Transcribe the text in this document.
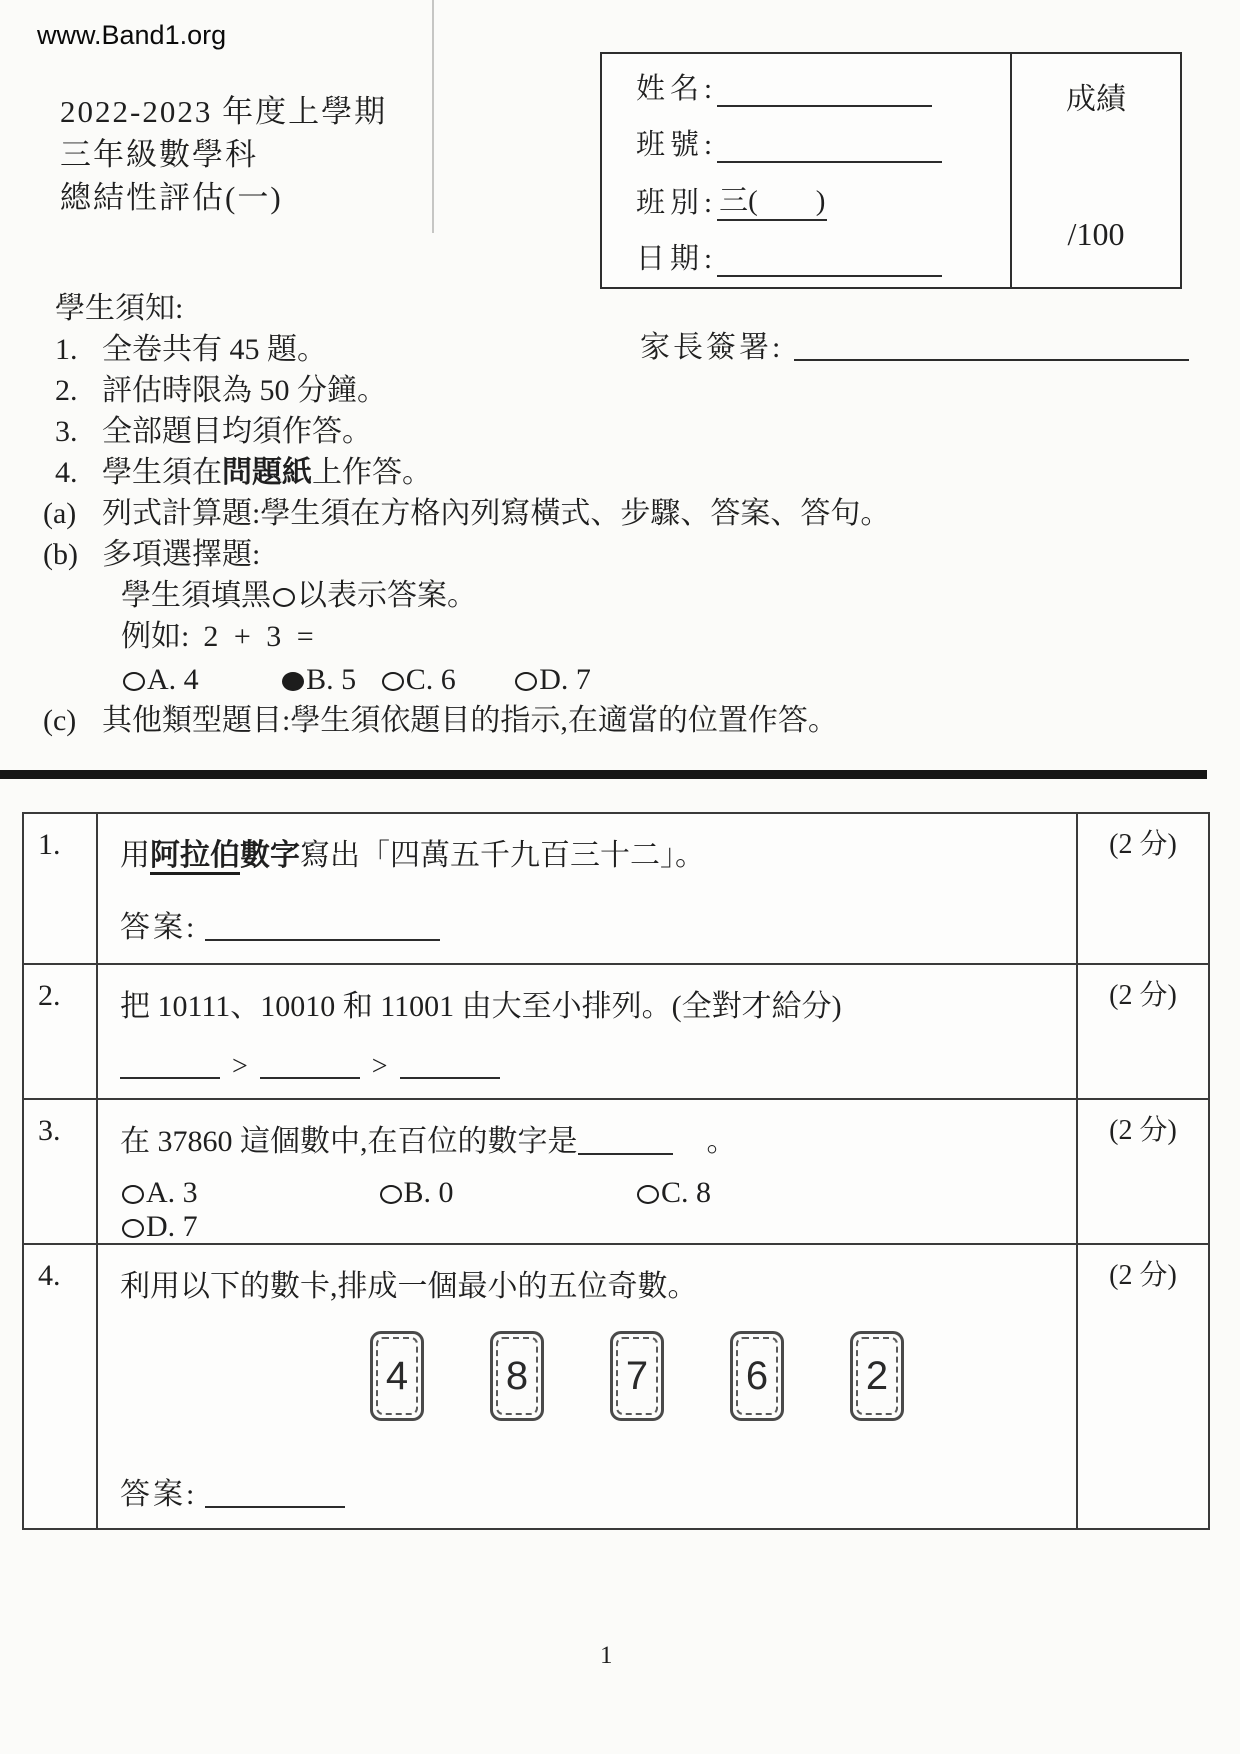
www.Band1.org
2022-2023 年度上學期
三年級數學科
總結性評估(一)
姓名:
班號:
班別: 三(        )
日期:
成績
/100
家長簽署:
學生須知:
1. 全卷共有 45 題。
2. 評估時限為 50 分鐘。
3. 全部題目均須作答。
4. 學生須在問題紙上作答。
(a) 列式計算題:學生須在方格內列寫橫式、步驟、答案、答句。
(b) 多項選擇題:
學生須填黑 以表示答案。
例如: 2 + 3 =
A. 4	B. 5 C. 6	D. 7
(c) 其他類型題目:學生須依題目的指示,在適當的位置作答。
1.	用阿拉伯數字寫出「四萬五千九百三十二」。
答案:
(2 分)
2.	把 10111、10010 和 11001 由大至小排列。(全對才給分)
>	>
(2 分)
3.	在 37860 這個數中,在百位的數字是	。
A. 3	B. 0	C. 8 D. 7
(2 分)
4.	利用以下的數卡,排成一個最小的五位奇數。
4 8 7 6 2
答案:
(2 分)
1
